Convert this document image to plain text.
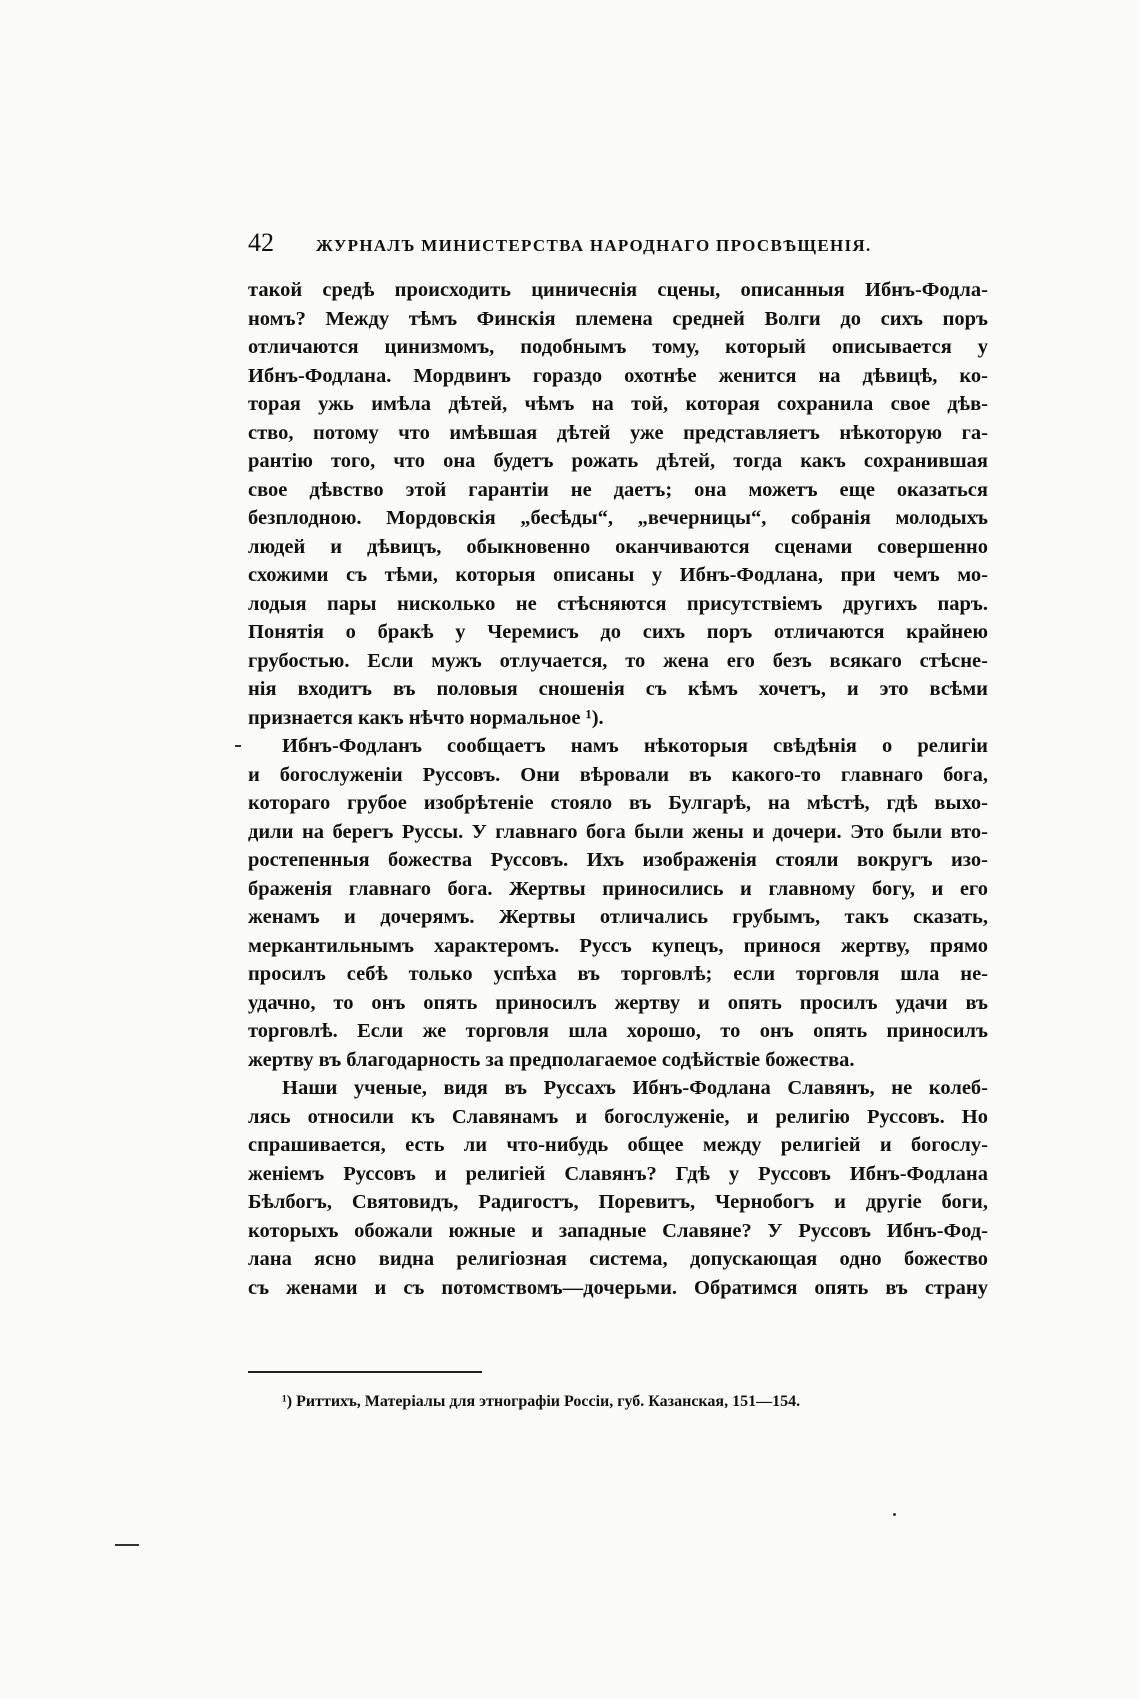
42 ЖУРНАЛЪ МИНИСТЕРСТВА НАРОДНАГО ПРОСВѢЩЕНІЯ.
такой средѣ происходить циничеснія сцены, описанныя Ибнъ-Фодла-
номъ? Между тѣмъ Финскія племена средней Волги до сихъ поръ
отличаются цинизмомъ, подобнымъ тому, который описывается у
Ибнъ-Фодлана. Мордвинъ гораздо охотнѣе женится на дѣвицѣ, ко-
торая ужь имѣла дѣтей, чѣмъ на той, которая сохранила свое дѣв-
ство, потому что имѣвшая дѣтей уже представляетъ нѣкоторую га-
рантію того, что она будетъ рожать дѣтей, тогда какъ сохранившая
свое дѣвство этой гарантіи не даетъ; она можетъ еще оказаться
безплодною. Мордовскія „бесѣды“, „вечерницы“, собранія молодыхъ
людей и дѣвицъ, обыкновенно оканчиваются сценами совершенно
схожими съ тѣми, которыя описаны у Ибнъ-Фодлана, при чемъ мо-
лодыя пары нисколько не стѣсняются присутствіемъ другихъ паръ.
Понятія о бракѣ у Черемисъ до сихъ поръ отличаются крайнею
грубостью. Если мужъ отлучается, то жена его безъ всякаго стѣсне-
нія входитъ въ половыя сношенія съ кѣмъ хочетъ, и это всѣми
признается какъ нѣчто нормальное ¹).
Ибнъ-Фодланъ сообщаетъ намъ нѣкоторыя свѣдѣнія о религіи
и богослуженіи Руссовъ. Они вѣровали въ какого-то главнаго бога,
котораго грубое изобрѣтеніе стояло въ Булгарѣ, на мѣстѣ, гдѣ выхо-
дили на берегъ Руссы. У главнаго бога были жены и дочери. Это были вто-
ростепенныя божества Руссовъ. Ихъ изображенія стояли вокругъ изо-
браженія главнаго бога. Жертвы приносились и главному богу, и его
женамъ и дочерямъ. Жертвы отличались грубымъ, такъ сказать,
меркантильнымъ характеромъ. Руссъ купецъ, принося жертву, прямо
просилъ себѣ только успѣха въ торговлѣ; если торговля шла не-
удачно, то онъ опять приносилъ жертву и опять просилъ удачи въ
торговлѣ. Если же торговля шла хорошо, то онъ опять приносилъ
жертву въ благодарность за предполагаемое содѣйствіе божества.
Наши ученые, видя въ Руссахъ Ибнъ-Фодлана Славянъ, не колеб-
лясь относили къ Славянамъ и богослуженіе, и религію Руссовъ. Но
спрашивается, есть ли что-нибудь общее между религіей и богослу-
женіемъ Руссовъ и религіей Славянъ? Гдѣ у Руссовъ Ибнъ-Фодлана
Бѣлбогъ, Святовидъ, Радигостъ, Поревитъ, Чернобогъ и другіе боги,
которыхъ обожали южные и западные Славяне? У Руссовъ Ибнъ-Фод-
лана ясно видна религіозная система, допускающая одно божество
съ женами и съ потомствомъ—дочерьми. Обратимся опять въ страну
¹) Риттихъ, Матеріалы для этнографіи Россіи, губ. Казанская, 151—154.
